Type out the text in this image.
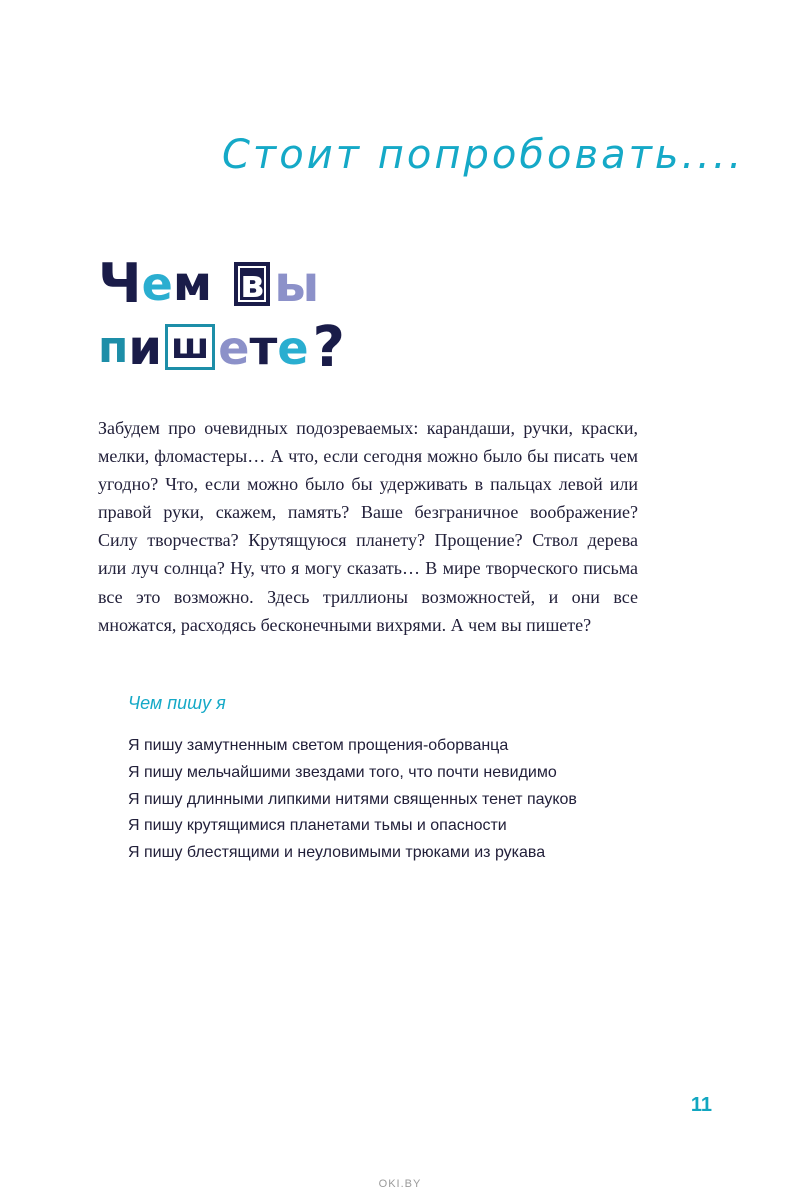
Стоит попробовать....
Чем в ы
пи ш ете?

Забудем про очевидных подозреваемых: карандаши, ручки, краски, мелки, фломастеры… А что, если сегодня можно было бы писать чем угодно? Что, если можно было бы удерживать в пальцах левой или правой руки, скажем, память? Ваше безграничное воображение? Силу творчества? Крутящуюся планету? Прощение? Ствол дерева или луч солнца? Ну, что я могу сказать… В мире творческого письма все это возможно. Здесь триллионы возможностей, и они все множатся, расходясь бесконечными вихрями. А чем вы пишете?

Чем пишу я
Я пишу замутненным светом прощения-оборванца
Я пишу мельчайшими звездами того, что почти невидимо
Я пишу длинными липкими нитями священных тенет пауков
Я пишу крутящимися планетами тьмы и опасности
Я пишу блестящими и неуловимыми трюками из рукава
11
OKI.BY
